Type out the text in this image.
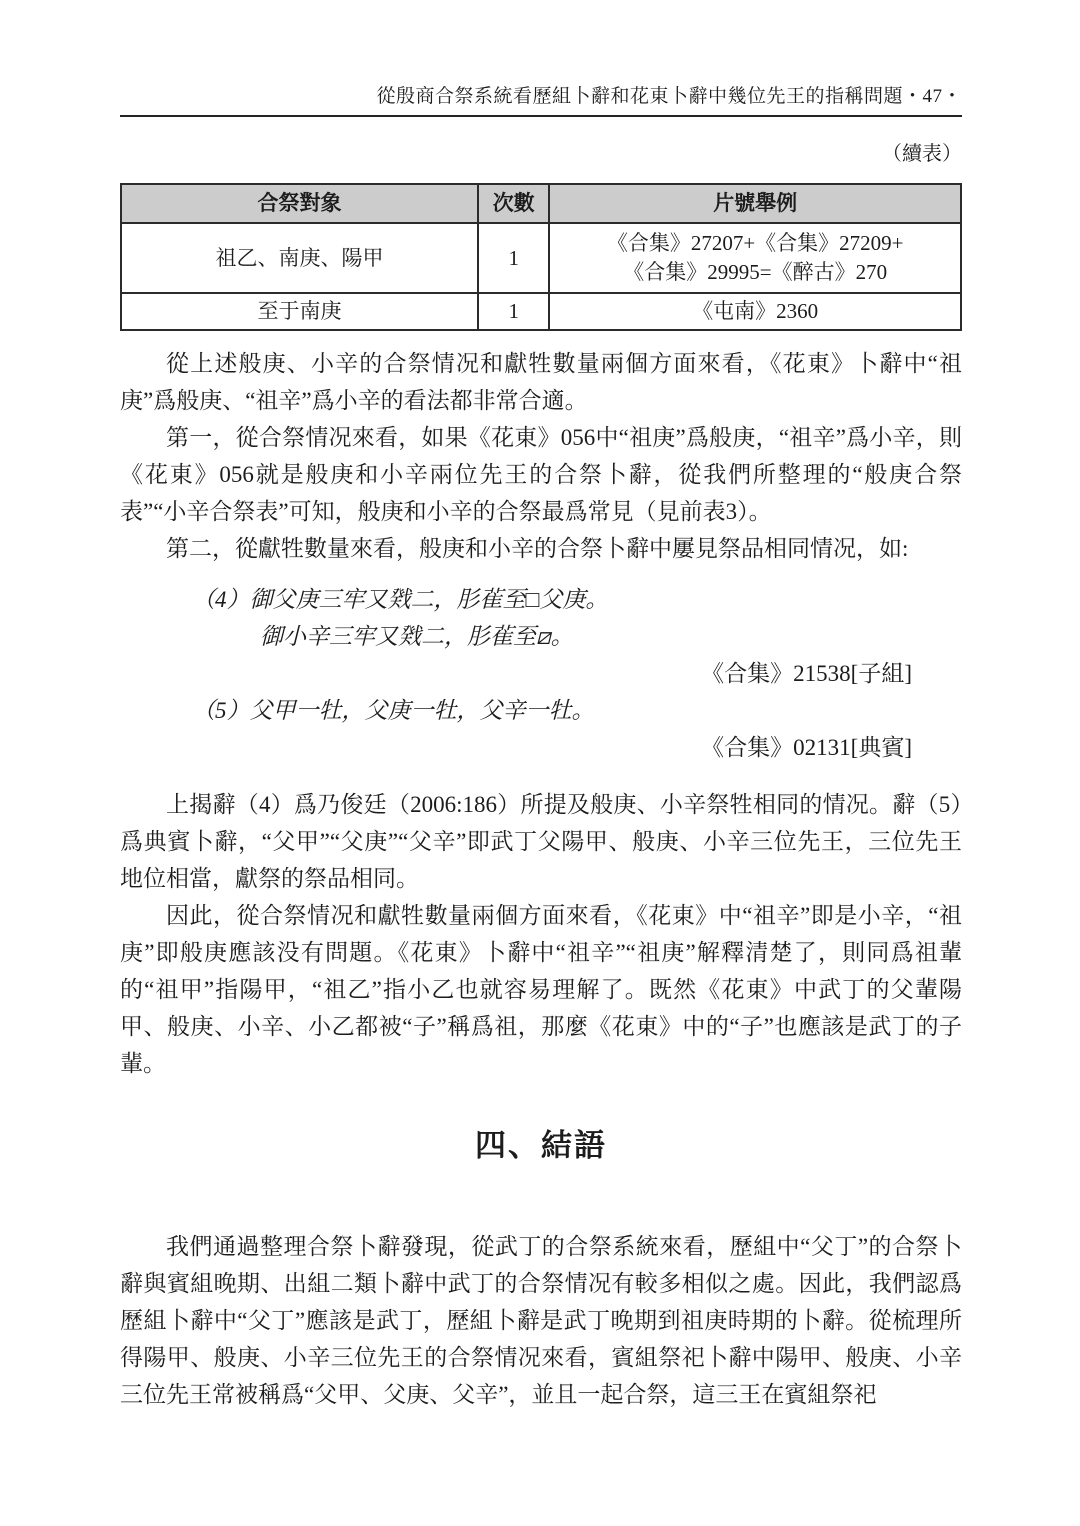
從殷商合祭系統看歷組卜辭和花東卜辭中幾位先王的指稱問題・47・
（續表）
合祭對象	次數	片號舉例
祖乙、南庚、陽甲	1	《合集》27207+《合集》27209+
《合集》29995=《醉古》270

至于南庚	1	《屯南》2360

從上述般庚、小辛的合祭情况和獻牲數量兩個方面來看，《花東》卜辭中“祖庚”爲般庚、“祖辛”爲小辛的看法都非常合適。

第一，從合祭情况來看，如果《花東》056中“祖庚”爲般庚，“祖辛”爲小辛，則《花東》056就是般庚和小辛兩位先王的合祭卜辭，從我們所整理的“般庚合祭表”“小辛合祭表”可知，般庚和小辛的合祭最爲常見（見前表3）。

第二，從獻牲數量來看，般庚和小辛的合祭卜辭中屢見祭品相同情况，如:

（4）御父庚三牢又戣二，肜雈至□父庚。
御小辛三牢又戣二，肜雈至⧄。
《合集》21538[子組]
（5）父甲一牡，父庚一牡，父辛一牡。
《合集》02131[典賓]

上揭辭（4）爲乃俊廷（2006:186）所提及般庚、小辛祭牲相同的情况。辭（5）爲典賓卜辭，“父甲”“父庚”“父辛”即武丁父陽甲、般庚、小辛三位先王，三位先王地位相當，獻祭的祭品相同。

因此，從合祭情况和獻牲數量兩個方面來看，《花東》中“祖辛”即是小辛，“祖庚”即般庚應該没有問題。《花東》卜辭中“祖辛”“祖庚”解釋清楚了，則同爲祖輩的“祖甲”指陽甲，“祖乙”指小乙也就容易理解了。既然《花東》中武丁的父輩陽甲、般庚、小辛、小乙都被“子”稱爲祖，那麼《花東》中的“子”也應該是武丁的子輩。

四、結語

我們通過整理合祭卜辭發現，從武丁的合祭系統來看，歷組中“父丁”的合祭卜辭與賓組晚期、出組二類卜辭中武丁的合祭情况有較多相似之處。因此，我們認爲歷組卜辭中“父丁”應該是武丁，歷組卜辭是武丁晚期到祖庚時期的卜辭。從梳理所得陽甲、般庚、小辛三位先王的合祭情况來看，賓組祭祀卜辭中陽甲、般庚、小辛三位先王常被稱爲“父甲、父庚、父辛”，並且一起合祭，這三王在賓組祭祀
